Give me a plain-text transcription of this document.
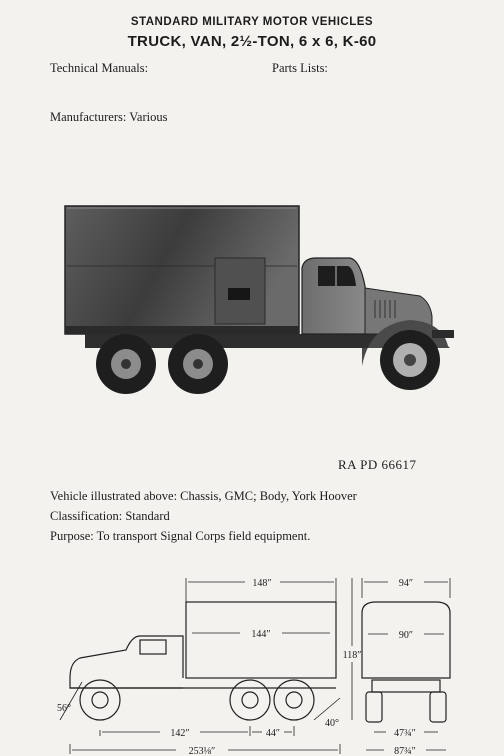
STANDARD MILITARY MOTOR VEHICLES
TRUCK, VAN, 2½-TON, 6 x 6, K-60
Technical Manuals:	Parts Lists:
Manufacturers: Various
RA PD 66617
Vehicle illustrated above: Chassis, GMC; Body, York Hoover
Classification: Standard
Purpose: To transport Signal Corps field equipment.
148″
144″
118″
142″	44″
253⅛″
56°
40°
94″
90″
47¾″
87¾″
